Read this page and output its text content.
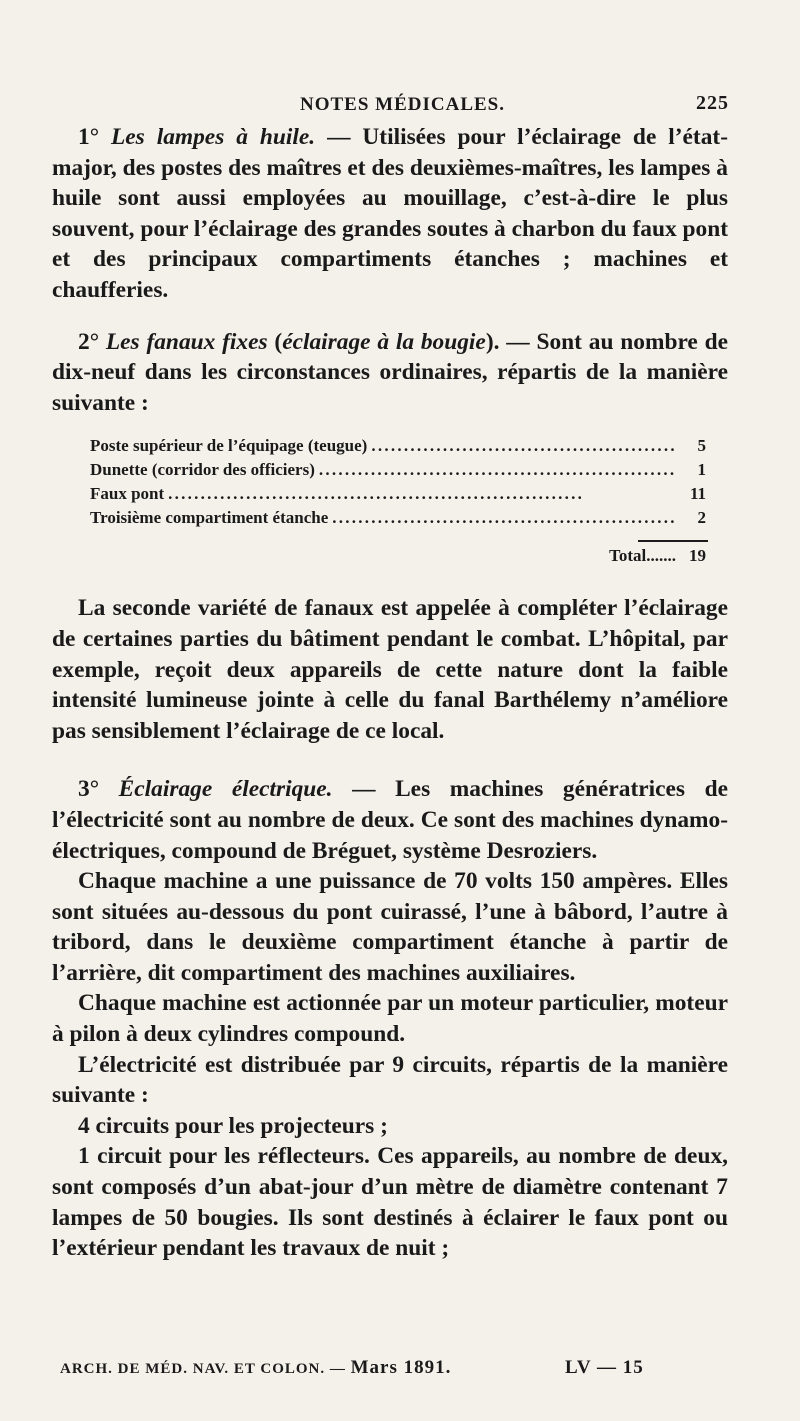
NOTES MÉDICALES.	225

1° Les lampes à huile. — Utilisées pour l’éclairage de l’état-major, des postes des maîtres et des deuxièmes-maîtres, les lampes à huile sont aussi employées au mouillage, c’est-à-dire le plus souvent, pour l’éclairage des grandes soutes à charbon du faux pont et des principaux compartiments étanches ; machines et chaufferies.

2° Les fanaux fixes (éclairage à la bougie). — Sont au nombre de dix-neuf dans les circonstances ordinaires, répartis de la manière suivante :

Poste supérieur de l’équipage (teugue) . . .	5
Dunette (corridor des officiers) . . .	1
Faux pont . . .	11
Troisième compartiment étanche . . .	2
Total....... 19

La seconde variété de fanaux est appelée à compléter l’éclairage de certaines parties du bâtiment pendant le combat. L’hôpital, par exemple, reçoit deux appareils de cette nature dont la faible intensité lumineuse jointe à celle du fanal Barthélemy n’améliore pas sensiblement l’éclairage de ce local.

3° Éclairage électrique. — Les machines génératrices de l’électricité sont au nombre de deux. Ce sont des machines dynamo-électriques, compound de Bréguet, système Desroziers.

Chaque machine a une puissance de 70 volts 150 ampères. Elles sont situées au-dessous du pont cuirassé, l’une à bâbord, l’autre à tribord, dans le deuxième compartiment étanche à partir de l’arrière, dit compartiment des machines auxiliaires.

Chaque machine est actionnée par un moteur particulier, moteur à pilon à deux cylindres compound.

L’électricité est distribuée par 9 circuits, répartis de la manière suivante :

4 circuits pour les projecteurs ;

1 circuit pour les réflecteurs. Ces appareils, au nombre de deux, sont composés d’un abat-jour d’un mètre de diamètre contenant 7 lampes de 50 bougies. Ils sont destinés à éclairer le faux pont ou l’extérieur pendant les travaux de nuit ;

ARCH. DE MÉD. NAV. ET COLON. — Mars 1891.	LV — 15
